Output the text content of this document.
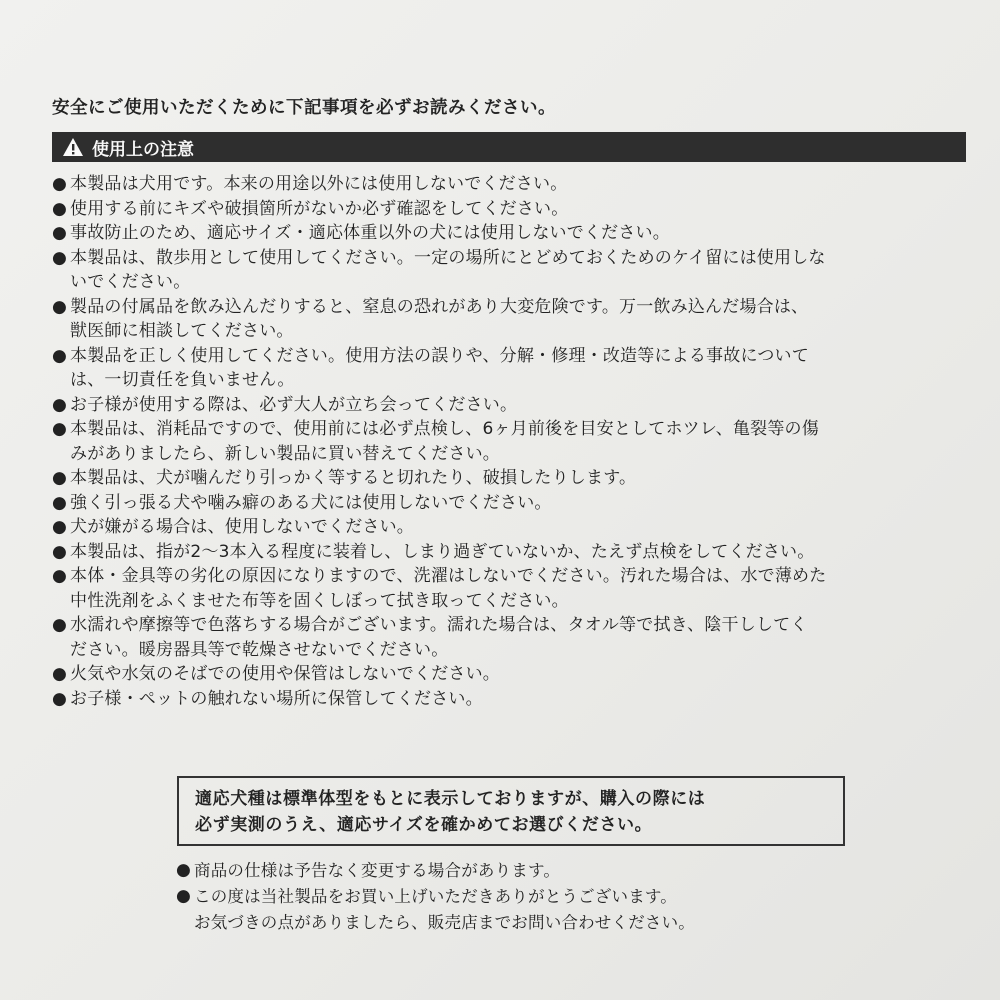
安全にご使用いただくために下記事項を必ずお読みください。
使用上の注意
● 本製品は犬用です。本来の用途以外には使用しないでください。
● 使用する前にキズや破損箇所がないか必ず確認をしてください。
● 事故防止のため、適応サイズ・適応体重以外の犬には使用しないでください。
● 本製品は、散歩用として使用してください。一定の場所にとどめておくためのケイ留には使用しな
いでください。
● 製品の付属品を飲み込んだりすると、窒息の恐れがあり大変危険です。万一飲み込んだ場合は、
獣医師に相談してください。
● 本製品を正しく使用してください。使用方法の誤りや、分解・修理・改造等による事故について
は、一切責任を負いません。
● お子様が使用する際は、必ず大人が立ち会ってください。
● 本製品は、消耗品ですので、使用前には必ず点検し、6ヶ月前後を目安としてホツレ、亀裂等の傷
みがありましたら、新しい製品に買い替えてください。
● 本製品は、犬が噛んだり引っかく等すると切れたり、破損したりします。
● 強く引っ張る犬や噛み癖のある犬には使用しないでください。
● 犬が嫌がる場合は、使用しないでください。
● 本製品は、指が2〜3本入る程度に装着し、しまり過ぎていないか、たえず点検をしてください。
● 本体・金具等の劣化の原因になりますので、洗濯はしないでください。汚れた場合は、水で薄めた
中性洗剤をふくませた布等を固くしぼって拭き取ってください。
● 水濡れや摩擦等で色落ちする場合がございます。濡れた場合は、タオル等で拭き、陰干ししてく
ださい。暖房器具等で乾燥させないでください。
● 火気や水気のそばでの使用や保管はしないでください。
● お子様・ペットの触れない場所に保管してください。
適応犬種は標準体型をもとに表示しておりますが、購入の際には
必ず実測のうえ、適応サイズを確かめてお選びください。
● 商品の仕様は予告なく変更する場合があります。
● この度は当社製品をお買い上げいただきありがとうございます。
お気づきの点がありましたら、販売店までお問い合わせください。
